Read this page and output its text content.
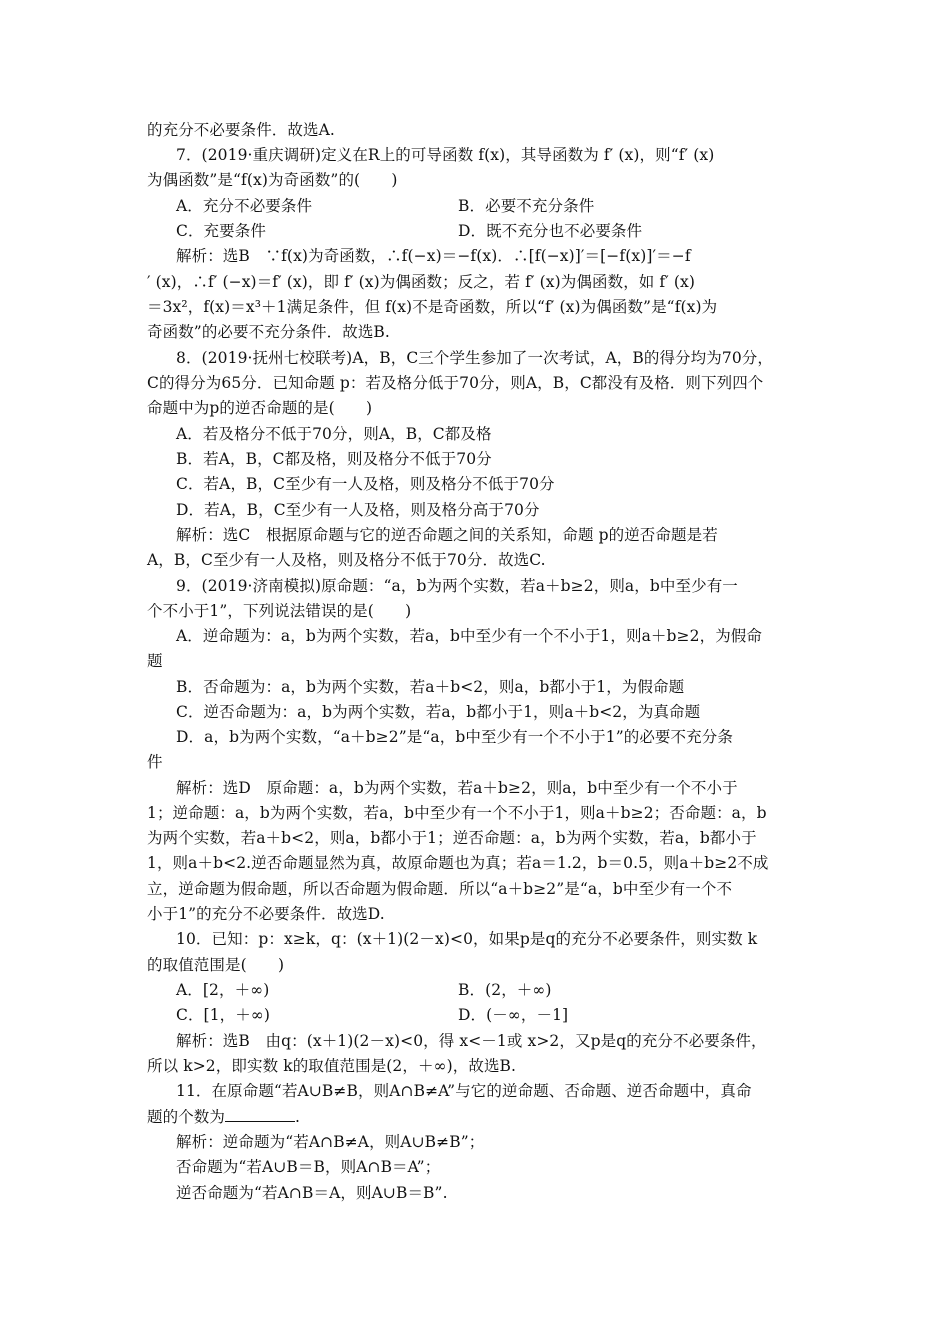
的充分不必要条件．故选A.
7．(2019·重庆调研)定义在R上的可导函数 f(x)，其导函数为 f′ (x)，则“f′ (x)
为偶函数”是“f(x)为奇函数”的(　　)
A．充分不必要条件	B．必要不充分条件
C．充要条件	D．既不充分也不必要条件
解析：选B　∵f(x)为奇函数，∴f(−x)＝−f(x)．∴[f(−x)]′＝[−f(x)]′＝−f
′ (x)，∴f′ (−x)＝f′ (x)，即 f′ (x)为偶函数；反之，若 f′ (x)为偶函数，如 f′ (x)
＝3x²，f(x)＝x³＋1满足条件，但 f(x)不是奇函数，所以“f′ (x)为偶函数”是“f(x)为
奇函数”的必要不充分条件．故选B.
8．(2019·抚州七校联考)A，B，C三个学生参加了一次考试，A，B的得分均为70分，
C的得分为65分．已知命题 p：若及格分低于70分，则A，B，C都没有及格．则下列四个
命题中为p的逆否命题的是(　　)
A．若及格分不低于70分，则A，B，C都及格
B．若A，B，C都及格，则及格分不低于70分
C．若A，B，C至少有一人及格，则及格分不低于70分
D．若A，B，C至少有一人及格，则及格分高于70分
解析：选C　根据原命题与它的逆否命题之间的关系知，命题 p的逆否命题是若
A，B，C至少有一人及格，则及格分不低于70分．故选C.
9．(2019·济南模拟)原命题：“a，b为两个实数，若a＋b≥2，则a，b中至少有一
个不小于1”，下列说法错误的是(　　)
A．逆命题为：a，b为两个实数，若a，b中至少有一个不小于1，则a＋b≥2，为假命
题
B．否命题为：a，b为两个实数，若a＋b<2，则a，b都小于1，为假命题
C．逆否命题为：a，b为两个实数，若a，b都小于1，则a＋b<2，为真命题
D．a，b为两个实数，“a＋b≥2”是“a，b中至少有一个不小于1”的必要不充分条
件
解析：选D　原命题：a，b为两个实数，若a＋b≥2，则a，b中至少有一个不小于
1；逆命题：a，b为两个实数，若a，b中至少有一个不小于1，则a＋b≥2；否命题：a，b
为两个实数，若a＋b<2，则a，b都小于1；逆否命题：a，b为两个实数，若a，b都小于
1，则a＋b<2.逆否命题显然为真，故原命题也为真；若a＝1.2，b＝0.5，则a＋b≥2不成
立，逆命题为假命题，所以否命题为假命题．所以“a＋b≥2”是“a，b中至少有一个不
小于1”的充分不必要条件．故选D.
10．已知：p：x≥k，q：(x＋1)(2－x)<0，如果p是q的充分不必要条件，则实数 k
的取值范围是(　　)
A．[2，＋∞)	B．(2，＋∞)
C．[1，＋∞)	D．(－∞，－1]
解析：选B　由q：(x＋1)(2－x)<0，得 x<－1或 x>2，又p是q的充分不必要条件，
所以 k>2，即实数 k的取值范围是(2，＋∞)，故选B.
11．在原命题“若A∪B≠B，则A∩B≠A”与它的逆命题、否命题、逆否命题中，真命
题的个数为	.
解析：逆命题为“若A∩B≠A，则A∪B≠B”；
否命题为“若A∪B＝B，则A∩B＝A”；
逆否命题为“若A∩B＝A，则A∪B＝B”.
